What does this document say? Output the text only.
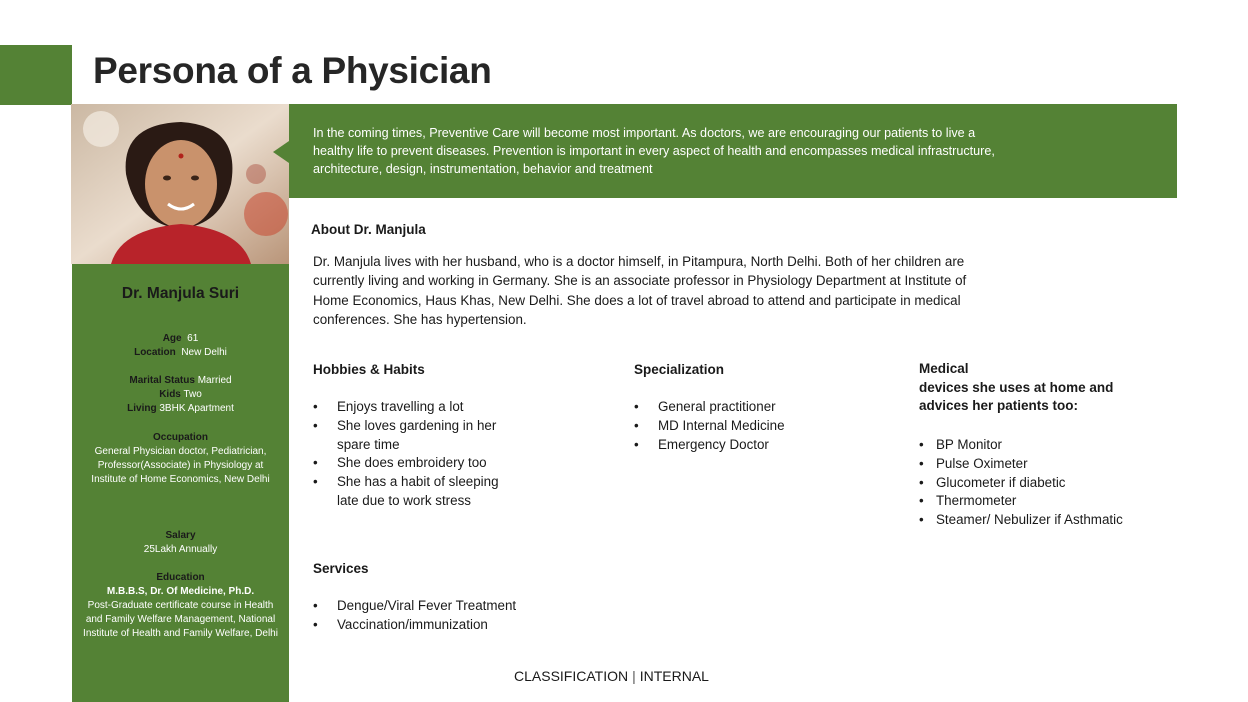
Persona of a Physician
Dr. Manjula Suri
Age 61
Location New Delhi
Marital Status Married
Kids Two
Living 3BHK Apartment
Occupation
General Physician doctor, Pediatrician, Professor(Associate) in Physiology at Institute of Home Economics, New Delhi
Salary
25Lakh Annually
Education
M.B.B.S, Dr. Of Medicine, Ph.D.
Post-Graduate certificate course in Health and Family Welfare Management, National Institute of Health and Family Welfare, Delhi
In the coming times, Preventive Care will become most important. As doctors, we are encouraging our patients to live a healthy life to prevent diseases. Prevention is important in every aspect of health and encompasses medical infrastructure, architecture, design, instrumentation, behavior and treatment
About Dr. Manjula
Dr. Manjula lives with her husband, who is a doctor himself, in Pitampura, North Delhi. Both of her children are currently living and working in Germany. She is an associate professor in Physiology Department at Institute of Home Economics, Haus Khas, New Delhi. She does a lot of travel abroad to attend and participate in medical conferences. She has hypertension.
Hobbies & Habits
• Enjoys travelling a lot
• She loves gardening in her spare time
• She does embroidery too
• She has a habit of sleeping late due to work stress
Specialization
• General practitioner
• MD Internal Medicine
• Emergency Doctor
Medical
devices she uses at home and advices her patients too:
• BP Monitor
• Pulse Oximeter
• Glucometer if diabetic
• Thermometer
• Steamer/ Nebulizer if Asthmatic
Services
• Dengue/Viral Fever Treatment
• Vaccination/immunization
CLASSIFICATION | INTERNAL
